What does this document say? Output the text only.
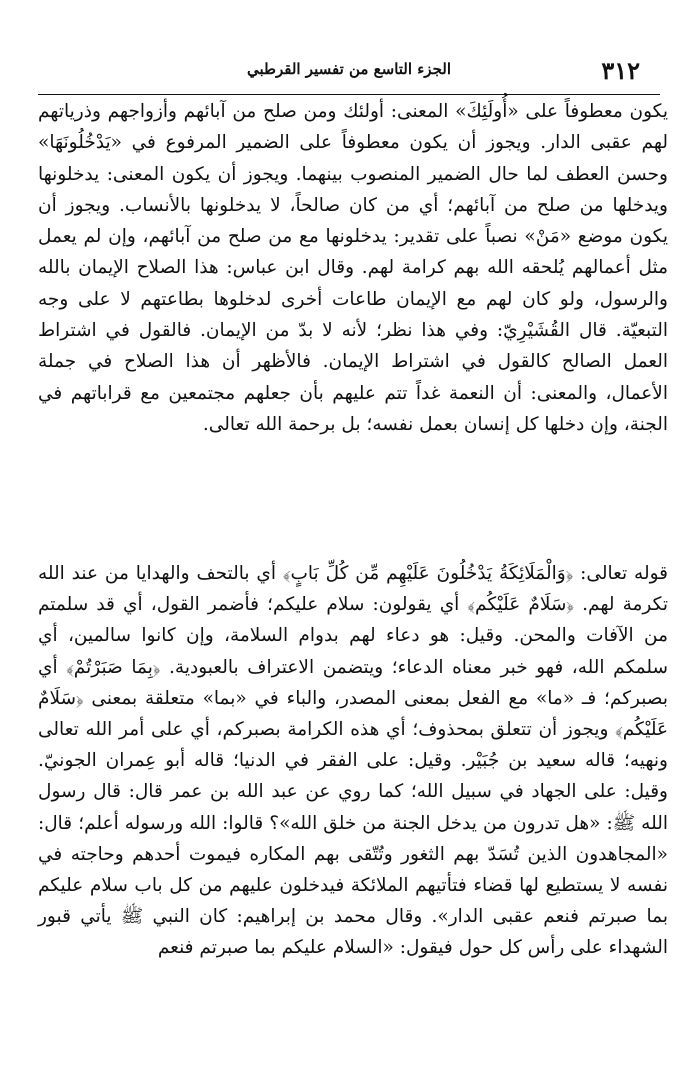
٣١٢
الجزء التاسع من تفسير القرطبي

يكون معطوفاً على «أُولَئِكَ» المعنى: أولئك ومن صلح من آبائهم وأزواجهم وذرياتهم لهم عقبى الدار. ويجوز أن يكون معطوفاً على الضمير المرفوع في «يَدْخُلُونَهَا» وحسن العطف لما حال الضمير المنصوب بينهما. ويجوز أن يكون المعنى: يدخلونها ويدخلها من صلح من آبائهم؛ أي من كان صالحاً، لا يدخلونها بالأنساب. ويجوز أن يكون موضع «مَنْ» نصباً على تقدير: يدخلونها مع من صلح من آبائهم، وإن لم يعمل مثل أعمالهم يُلحقه الله بهم كرامة لهم. وقال ابن عباس: هذا الصلاح الإيمان بالله والرسول، ولو كان لهم مع الإيمان طاعات أخرى لدخلوها بطاعتهم لا على وجه التبعيّة. قال القُشَيْرِيّ: وفي هذا نظر؛ لأنه لا بدّ من الإيمان. فالقول في اشتراط العمل الصالح كالقول في اشتراط الإيمان. فالأظهر أن هذا الصلاح في جملة الأعمال، والمعنى: أن النعمة غداً تتم عليهم بأن جعلهم مجتمعين مع قراباتهم في الجنة، وإن دخلها كل إنسان بعمل نفسه؛ بل برحمة الله تعالى.

قوله تعالى: ﴿وَالْمَلَائِكَةُ يَدْخُلُونَ عَلَيْهِم مِّن كُلِّ بَابٍ﴾ أي بالتحف والهدايا من عند الله تكرمة لهم. ﴿سَلَامٌ عَلَيْكُم﴾ أي يقولون: سلام عليكم؛ فأضمر القول، أي قد سلمتم من الآفات والمحن. وقيل: هو دعاء لهم بدوام السلامة، وإن كانوا سالمين، أي سلمكم الله، فهو خبر معناه الدعاء؛ ويتضمن الاعتراف بالعبودية. ﴿بِمَا صَبَرْتُمْ﴾ أي بصبركم؛ فـ «ما» مع الفعل بمعنى المصدر، والباء في «بما» متعلقة بمعنى ﴿سَلَامٌ عَلَيْكُم﴾ ويجوز أن تتعلق بمحذوف؛ أي هذه الكرامة بصبركم، أي على أمر الله تعالى ونهيه؛ قاله سعيد بن جُبَيْر. وقيل: على الفقر في الدنيا؛ قاله أبو عِمران الجونيّ. وقيل: على الجهاد في سبيل الله؛ كما روي عن عبد الله بن عمر قال: قال رسول الله ﷺ: «هل تدرون من يدخل الجنة من خلق الله»؟ قالوا: الله ورسوله أعلم؛ قال: «المجاهدون الذين تُسَدّ بهم الثغور وتُتّقى بهم المكاره فيموت أحدهم وحاجته في نفسه لا يستطيع لها قضاء فتأتيهم الملائكة فيدخلون عليهم من كل باب سلام عليكم بما صبرتم فنعم عقبى الدار». وقال محمد بن إبراهيم: كان النبي ﷺ يأتي قبور الشهداء على رأس كل حول فيقول: «السلام عليكم بما صبرتم فنعم
